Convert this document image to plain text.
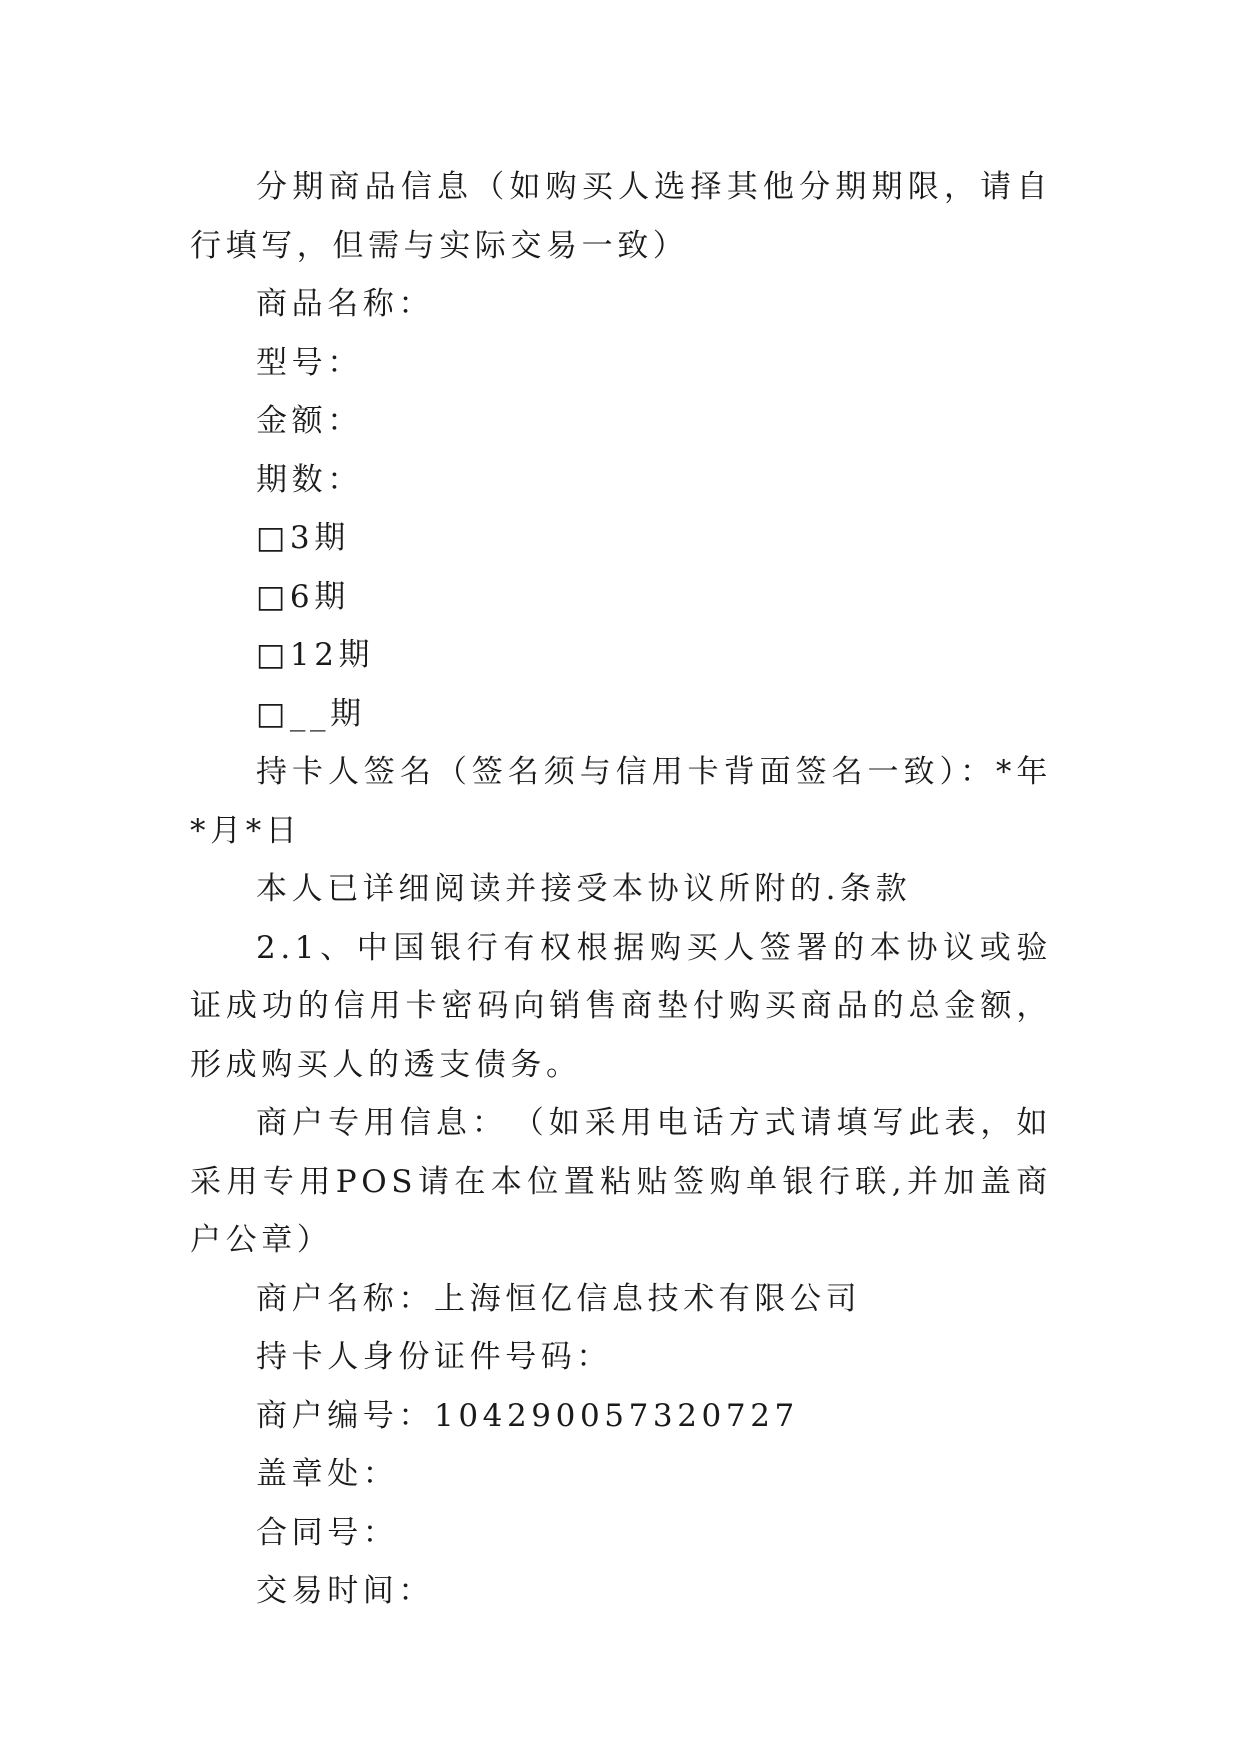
分期商品信息（如购买人选择其他分期期限，请自行填写，但需与实际交易一致）

商品名称：

型号：

金额：

期数：

□3期

□6期

□12期

□__期

持卡人签名（签名须与信用卡背面签名一致）：*年*月*日

本人已详细阅读并接受本协议所附的.条款

2.1、中国银行有权根据购买人签署的本协议或验证成功的信用卡密码向销售商垫付购买商品的总金额，形成购买人的透支债务。

商户专用信息：　（如采用电话方式请填写此表，如采用专用POS请在本位置粘贴签购单银行联,并加盖商户公章）

商户名称：上海恒亿信息技术有限公司

持卡人身份证件号码：

商户编号：104290057320727

盖章处：

合同号：

交易时间：
